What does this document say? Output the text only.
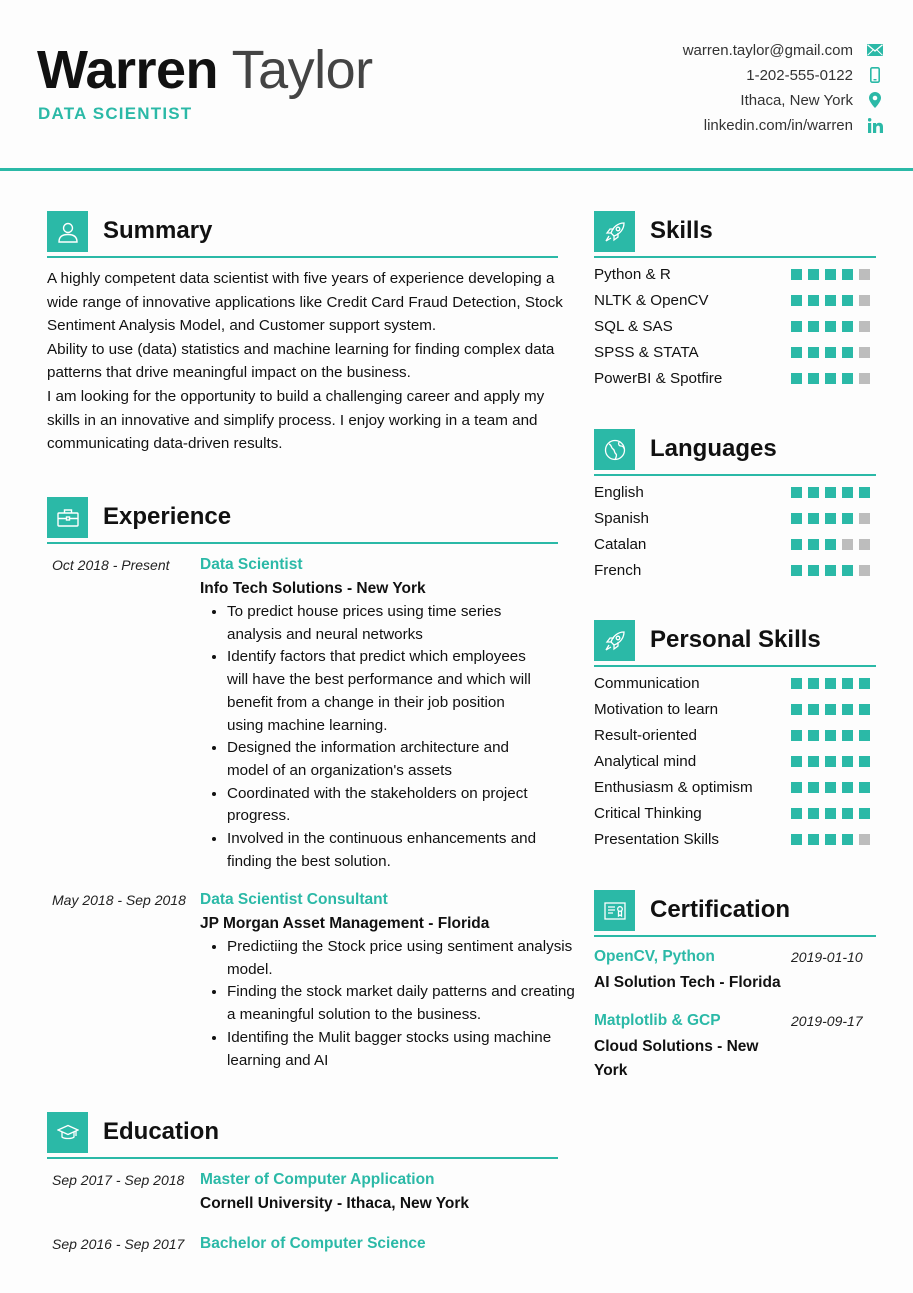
Warren Taylor
DATA SCIENTIST
warren.taylor@gmail.com
1-202-555-0122
Ithaca, New York
linkedin.com/in/warren
Summary
A highly competent data scientist with five years of experience developing a wide range of innovative applications like Credit Card Fraud Detection, Stock Sentiment Analysis Model, and Customer support system.
Ability to use (data) statistics and machine learning for finding complex data patterns that drive meaningful impact on the business.
I am looking for the opportunity to build a challenging career and apply my skills in an innovative and simplify process. I enjoy working in a team and communicating data-driven results.
Experience
Oct 2018 - Present Data Scientist
Info Tech Solutions - New York
• To predict house prices using time series analysis and neural networks
• Identify factors that predict which employees will have the best performance and which will benefit from a change in their job position using machine learning.
• Designed the information architecture and model of an organization's assets
• Coordinated with the stakeholders on project progress.
• Involved in the continuous enhancements and finding the best solution.
May 2018 - Sep 2018 Data Scientist Consultant
JP Morgan Asset Management - Florida
• Predictiing the Stock price using sentiment analysis model.
• Finding the stock market daily patterns and creating a meaningful solution to the business.
• Identifing the Mulit bagger stocks using machine learning and AI
Education
Sep 2017 - Sep 2018 Master of Computer Application
Cornell University - Ithaca, New York
Sep 2016 - Sep 2017 Bachelor of Computer Science
Skills
Python & R
NLTK & OpenCV
SQL & SAS
SPSS & STATA
PowerBI & Spotfire
Languages
English
Spanish
Catalan
French
Personal Skills
Communication
Motivation to learn
Result-oriented
Analytical mind
Enthusiasm & optimism
Critical Thinking
Presentation Skills
Certification
OpenCV, Python	2019-01-10
AI Solution Tech - Florida
Matplotlib & GCP	2019-09-17
Cloud Solutions - New York
